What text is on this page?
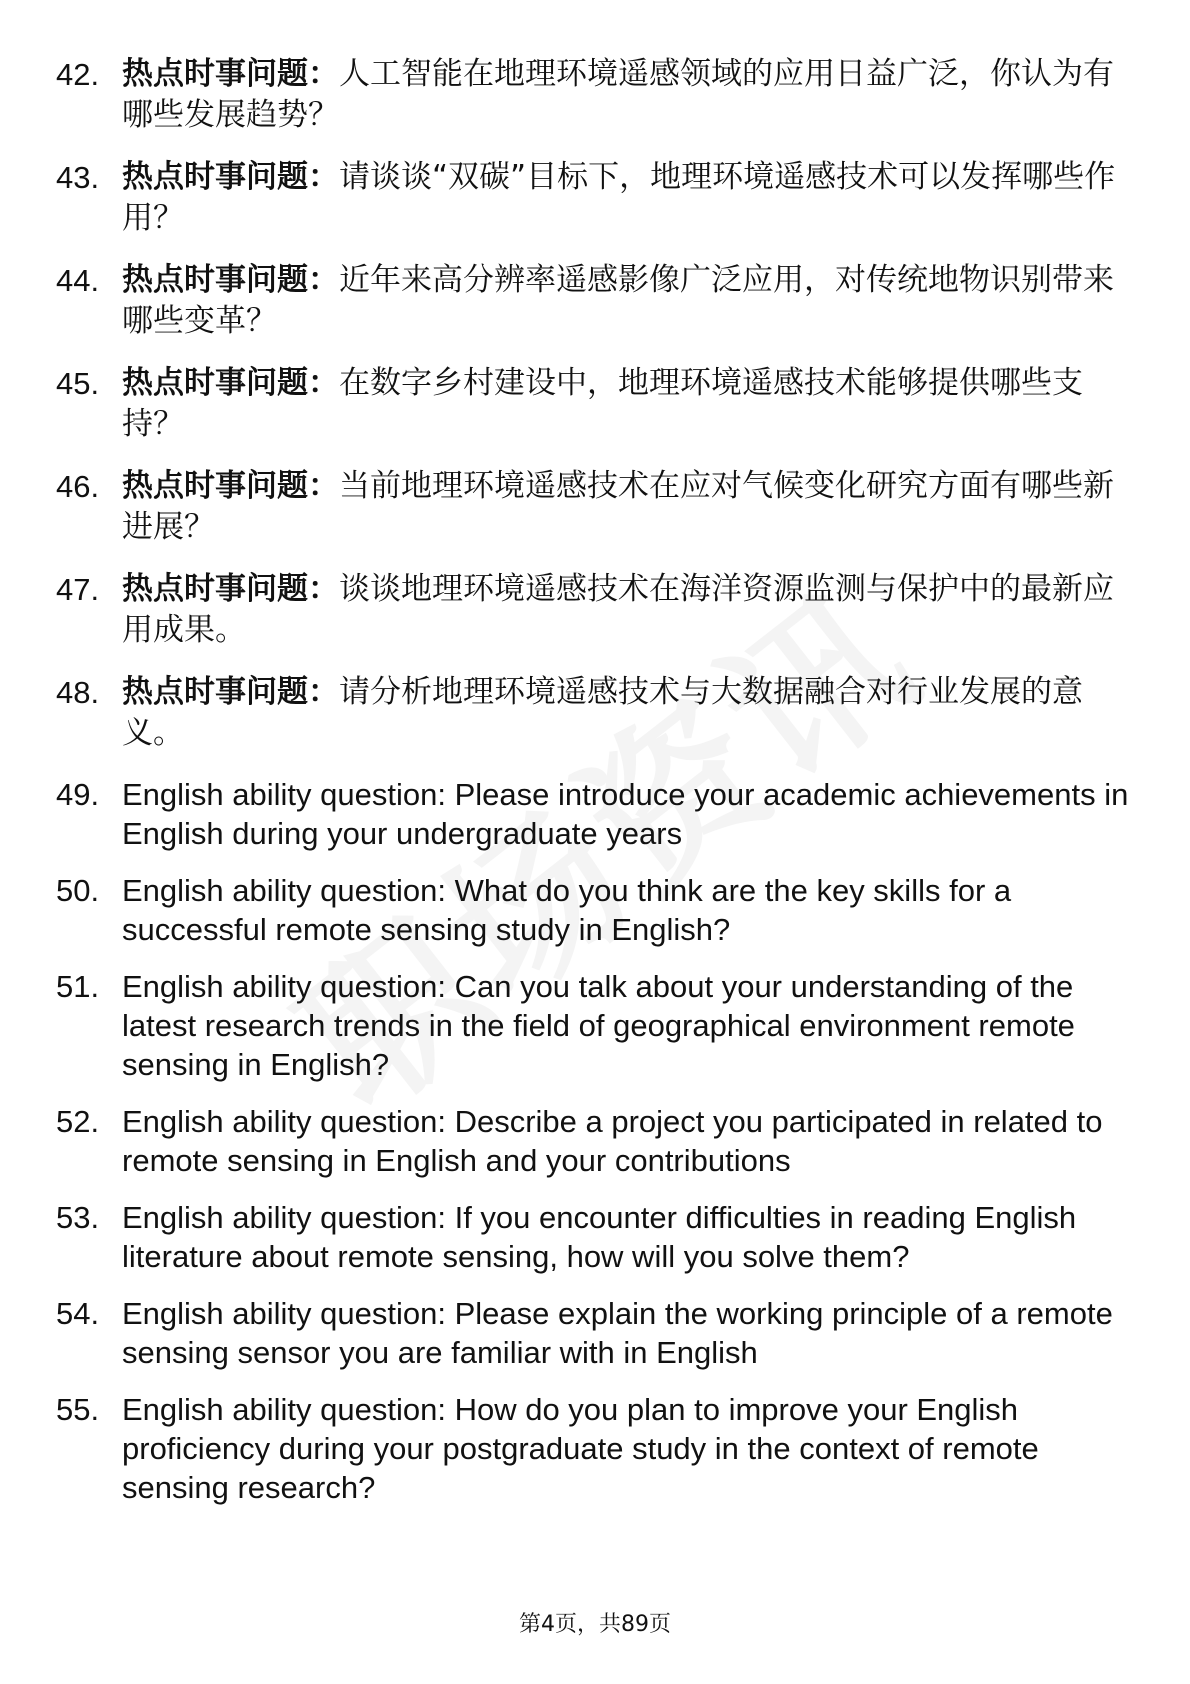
42. 热点时事问题：人工智能在地理环境遥感领域的应用日益广泛，你认为有哪些发展趋势？
43. 热点时事问题：请谈谈“双碳”目标下，地理环境遥感技术可以发挥哪些作用？
44. 热点时事问题：近年来高分辨率遥感影像广泛应用，对传统地物识别带来哪些变革？
45. 热点时事问题：在数字乡村建设中，地理环境遥感技术能够提供哪些支持？
46. 热点时事问题：当前地理环境遥感技术在应对气候变化研究方面有哪些新进展？
47. 热点时事问题：谈谈地理环境遥感技术在海洋资源监测与保护中的最新应用成果。
48. 热点时事问题：请分析地理环境遥感技术与大数据融合对行业发展的意义。
49. English ability question: Please introduce your academic achievements in English during your undergraduate years
50. English ability question: What do you think are the key skills for a successful remote sensing study in English?
51. English ability question: Can you talk about your understanding of the latest research trends in the field of geographical environment remote sensing in English?
52. English ability question: Describe a project you participated in related to remote sensing in English and your contributions
53. English ability question: If you encounter difficulties in reading English literature about remote sensing, how will you solve them?
54. English ability question: Please explain the working principle of a remote sensing sensor you are familiar with in English
55. English ability question: How do you plan to improve your English proficiency during your postgraduate study in the context of remote sensing research?
第4页，共89页
